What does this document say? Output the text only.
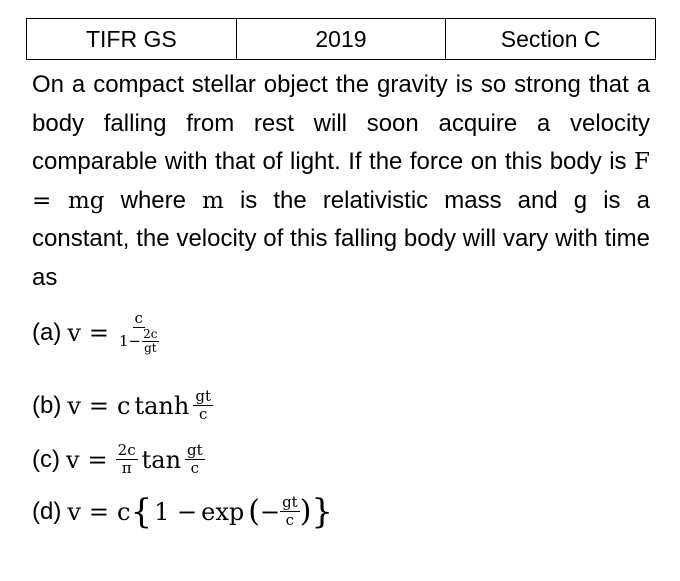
TIFR GS	2019	Section C
On a compact stellar object the gravity is so strong that a body falling from rest will soon acquire a velocity comparable with that of light. If the force on this body is F = mg where m is the relativistic mass and g is a constant, the velocity of this falling body will vary with time as
(a) $v = \frac{c}{1- \frac{2c}{gt}}$
(b) v = c $\tanh \frac{gt}{c}$
(c) $v = \frac{2c}{\pi}$ $\tan \frac{gt}{c}$
(d) v = c { 1 − exp ( − $\frac{gt}{c}$ ) }
